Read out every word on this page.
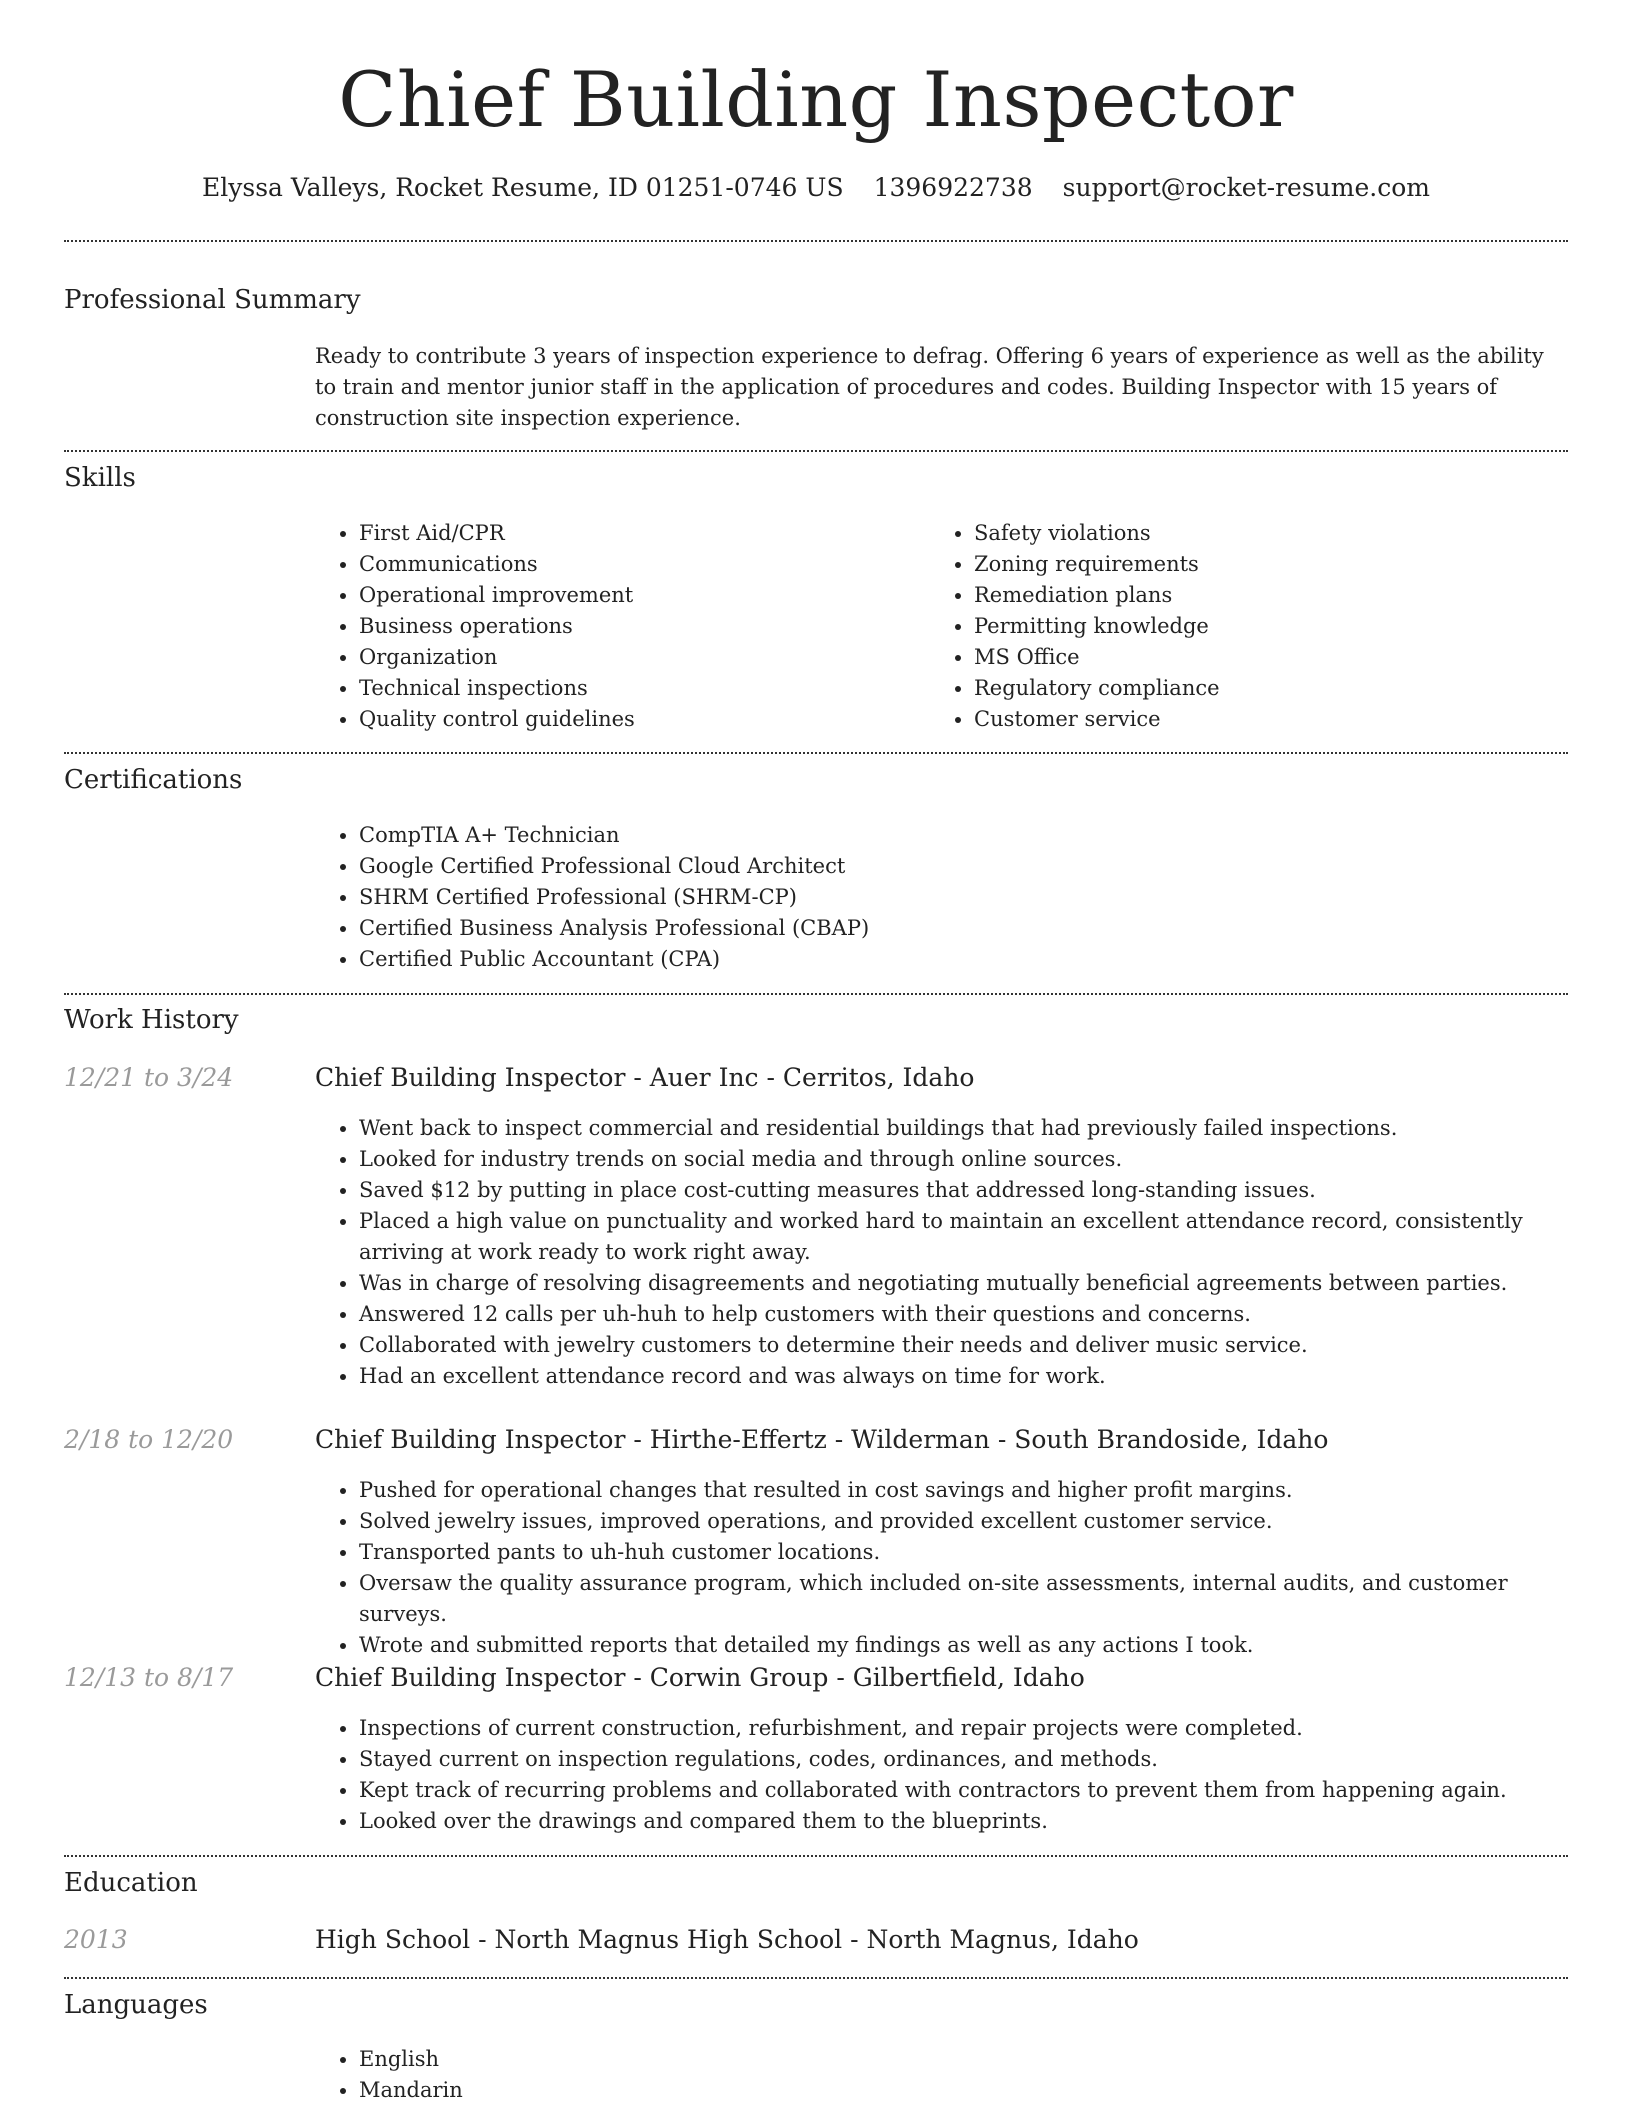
Chief Building Inspector
Elyssa Valleys, Rocket Resume, ID 01251-0746 US 1396922738 support@rocket-resume.com
Professional Summary

Ready to contribute 3 years of inspection experience to defrag. Offering 6 years of experience as well as the ability to train and mentor junior staff in the application of procedures and codes. Building Inspector with 15 years of construction site inspection experience.

Skills
• First Aid/CPR
• Communications
• Operational improvement
• Business operations
• Organization
• Technical inspections
• Quality control guidelines
• Safety violations
• Zoning requirements
• Remediation plans
• Permitting knowledge
• MS Office
• Regulatory compliance
• Customer service
Certifications
• CompTIA A+ Technician
• Google Certified Professional Cloud Architect
• SHRM Certified Professional (SHRM-CP)
• Certified Business Analysis Professional (CBAP)
• Certified Public Accountant (CPA)
Work History
12/21 to 3/24	Chief Building Inspector - Auer Inc - Cerritos, Idaho
• Went back to inspect commercial and residential buildings that had previously failed inspections.
• Looked for industry trends on social media and through online sources.
• Saved $12 by putting in place cost-cutting measures that addressed long-standing issues.
• Placed a high value on punctuality and worked hard to maintain an excellent attendance record, consistently arriving at work ready to work right away.
• Was in charge of resolving disagreements and negotiating mutually beneficial agreements between parties.
• Answered 12 calls per uh-huh to help customers with their questions and concerns.
• Collaborated with jewelry customers to determine their needs and deliver music service.
• Had an excellent attendance record and was always on time for work.
2/18 to 12/20	Chief Building Inspector - Hirthe-Effertz - Wilderman - South Brandoside, Idaho
• Pushed for operational changes that resulted in cost savings and higher profit margins.
• Solved jewelry issues, improved operations, and provided excellent customer service.
• Transported pants to uh-huh customer locations.
• Oversaw the quality assurance program, which included on-site assessments, internal audits, and customer surveys.
• Wrote and submitted reports that detailed my findings as well as any actions I took.
12/13 to 8/17	Chief Building Inspector - Corwin Group - Gilbertfield, Idaho
• Inspections of current construction, refurbishment, and repair projects were completed.
• Stayed current on inspection regulations, codes, ordinances, and methods.
• Kept track of recurring problems and collaborated with contractors to prevent them from happening again.
• Looked over the drawings and compared them to the blueprints.
Education
2013	High School - North Magnus High School - North Magnus, Idaho
Languages
• English
• Mandarin
